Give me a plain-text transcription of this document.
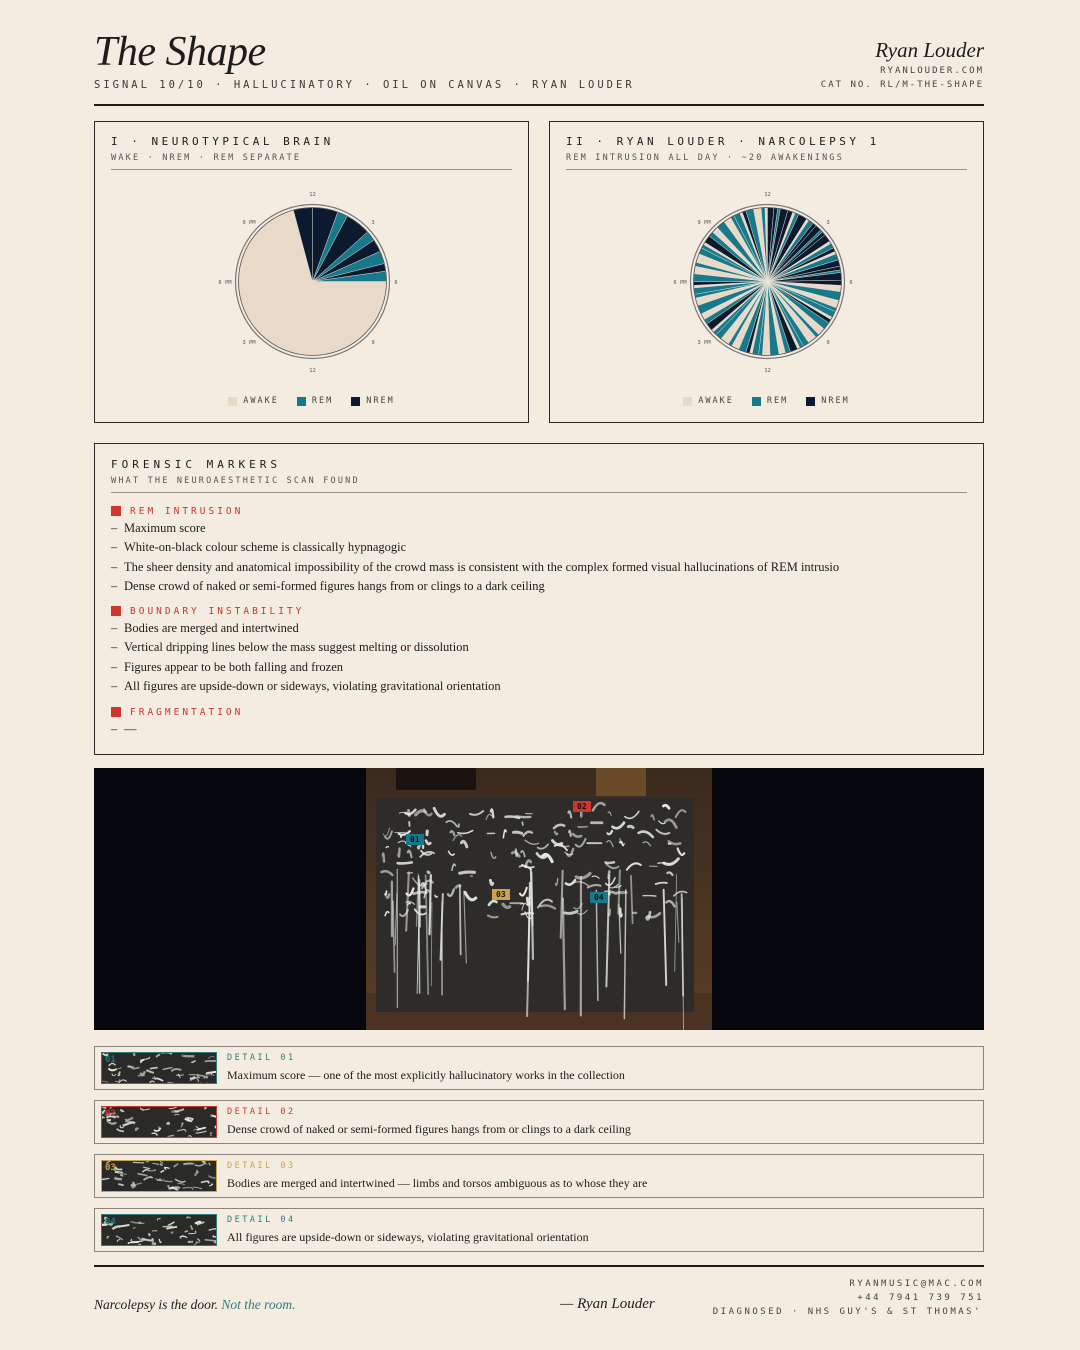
The Shape
SIGNAL 10/10 · HALLUCINATORY · OIL ON CANVAS · RYAN LOUDER
Ryan Louder
RYANLOUDER.COM
CAT NO. RL/M-THE-SHAPE
I · NEUROTYPICAL BRAIN
WAKE · NREM · REM SEPARATE
12
12
6
6 PM
3
9
9 PM
3 PM
AWAKE	REM	NREM
II · RYAN LOUDER · NARCOLEPSY 1
REM INTRUSION ALL DAY · ~20 AWAKENINGS
12
12
6
6 PM
3
9
9 PM
3 PM
AWAKE	REM	NREM
FORENSIC MARKERS
WHAT THE NEUROAESTHETIC SCAN FOUND
REM INTRUSION
– Maximum score
– White-on-black colour scheme is classically hypnagogic
– The sheer density and anatomical impossibility of the crowd mass is consistent with the complex formed visual hallucinations of REM intrusio
– Dense crowd of naked or semi-formed figures hangs from or clings to a dark ceiling
BOUNDARY INSTABILITY
– Bodies are merged and intertwined
– Vertical dripping lines below the mass suggest melting or dissolution
– Figures appear to be both falling and frozen
– All figures are upside-down or sideways, violating gravitational orientation
FRAGMENTATION
– —
02
01
03	04
01	DETAIL 01
Maximum score — one of the most explicitly hallucinatory works in the collection
02	DETAIL 02
Dense crowd of naked or semi-formed figures hangs from or clings to a dark ceiling
03	DETAIL 03
Bodies are merged and intertwined — limbs and torsos ambiguous as to whose they are
04	DETAIL 04
All figures are upside-down or sideways, violating gravitational orientation
Narcolepsy is the door. Not the room.	— Ryan Louder
RYANMUSIC@MAC.COM
+44 7941 739 751
DIAGNOSED · NHS GUY'S & ST THOMAS'
